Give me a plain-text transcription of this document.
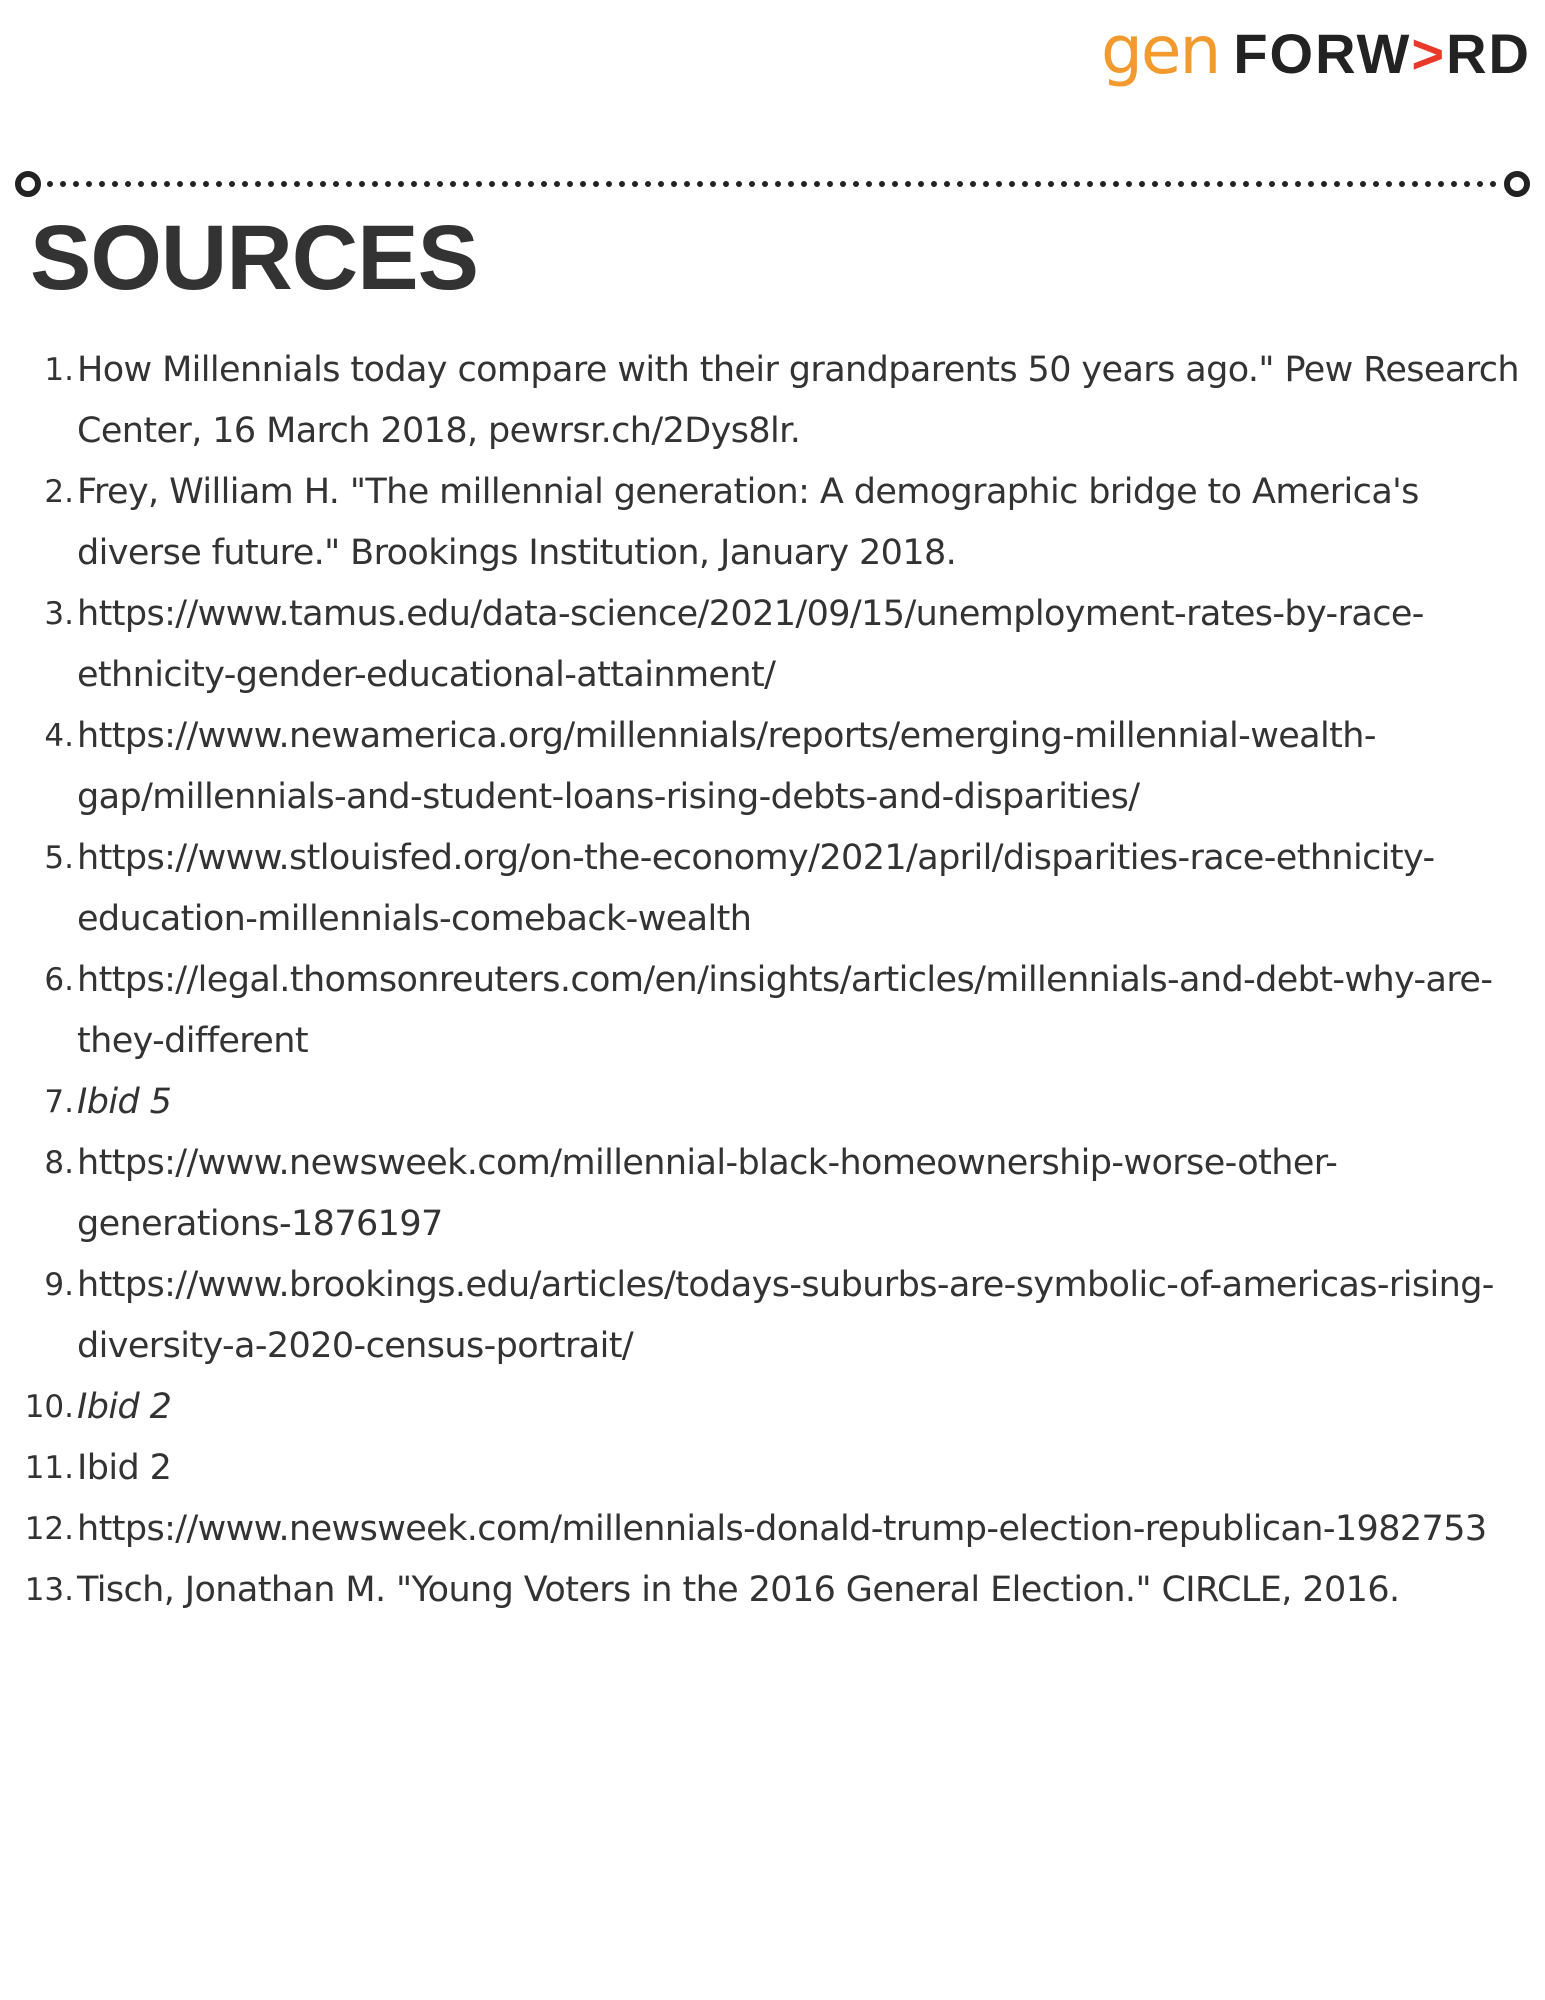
gen FORW>RD
SOURCES
1. How Millennials today compare with their grandparents 50 years ago." Pew Research Center, 16 March 2018, pewrsr.ch/2Dys8lr.
2. Frey, William H. "The millennial generation: A demographic bridge to America's diverse future." Brookings Institution, January 2018.
3. https://www.tamus.edu/data-science/2021/09/15/unemployment-rates-by-race-ethnicity-gender-educational-attainment/
4. https://www.newamerica.org/millennials/reports/emerging-millennial-wealth-gap/millennials-and-student-loans-rising-debts-and-disparities/
5. https://www.stlouisfed.org/on-the-economy/2021/april/disparities-race-ethnicity-education-millennials-comeback-wealth
6. https://legal.thomsonreuters.com/en/insights/articles/millennials-and-debt-why-are-they-different
7. Ibid 5
8. https://www.newsweek.com/millennial-black-homeownership-worse-other-generations-1876197
9. https://www.brookings.edu/articles/todays-suburbs-are-symbolic-of-americas-rising-diversity-a-2020-census-portrait/
10. Ibid 2
11. Ibid 2
12. https://www.newsweek.com/millennials-donald-trump-election-republican-1982753
13. Tisch, Jonathan M. "Young Voters in the 2016 General Election." CIRCLE, 2016.
